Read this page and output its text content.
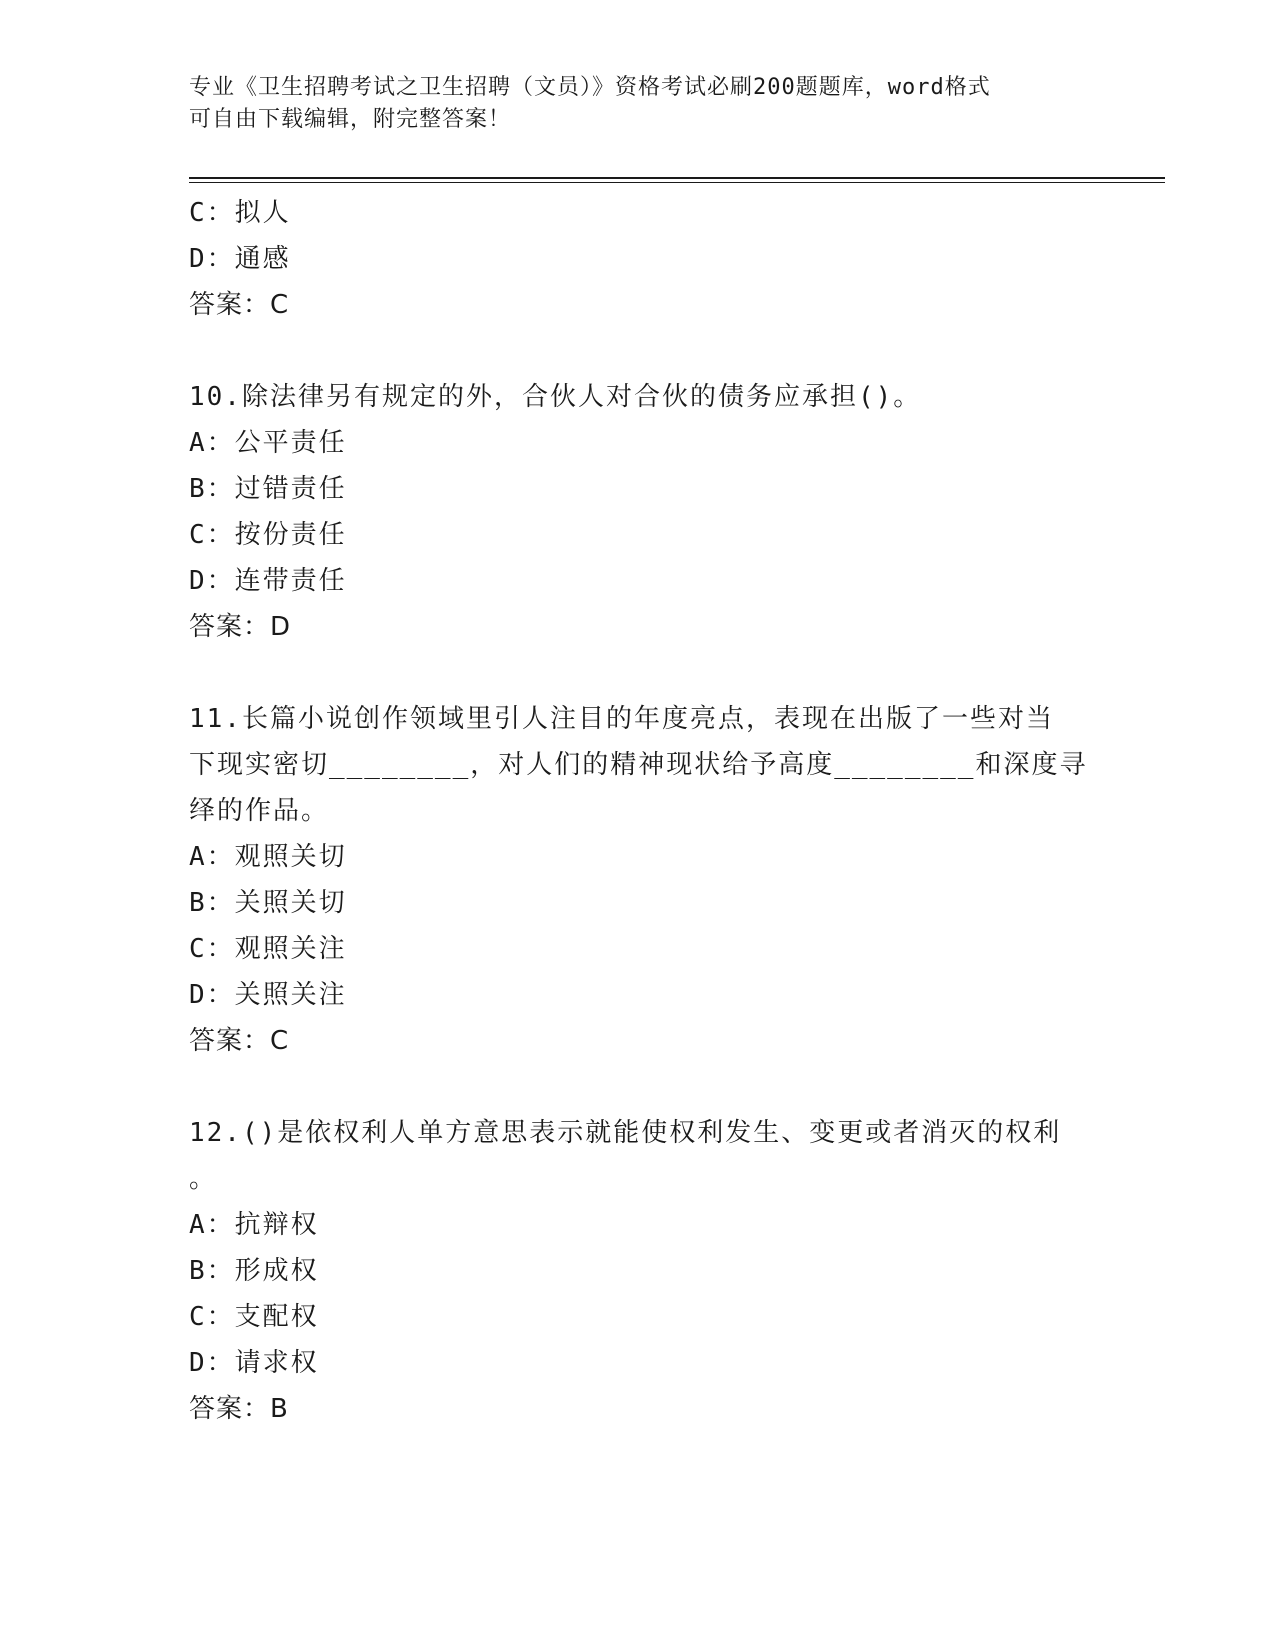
专业《卫生招聘考试之卫生招聘（文员）》资格考试必刷200题题库，word格式
可自由下载编辑，附完整答案！
C：拟人
D：通感
答案：C
10.除法律另有规定的外，合伙人对合伙的债务应承担()。
A：公平责任
B：过错责任
C：按份责任
D：连带责任
答案：D
11.长篇小说创作领域里引人注目的年度亮点，表现在出版了一些对当
下现实密切________，对人们的精神现状给予高度________和深度寻
绎的作品。
A：观照关切
B：关照关切
C：观照关注
D：关照关注
答案：C
12.()是依权利人单方意思表示就能使权利发生、变更或者消灭的权利
。
A：抗辩权
B：形成权
C：支配权
D：请求权
答案：B
